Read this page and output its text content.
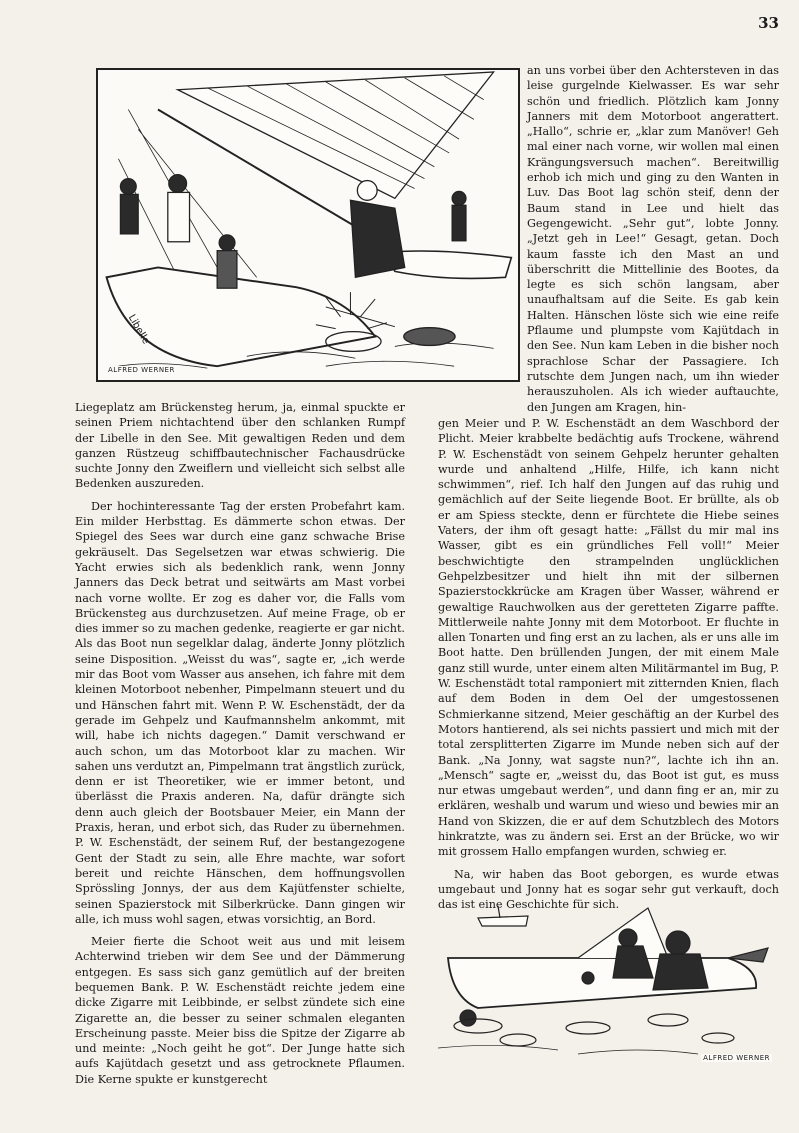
33
Libelle
ALFRED WERNER

an uns vorbei über den Achtersteven in das leise gurgelnde Kielwasser. Es war sehr schön und friedlich. Plötzlich kam Jonny Janners mit dem Motorboot angerattert. „Hallo“, schrie er, „klar zum Manöver! Geh mal einer nach vorne, wir wollen mal einen Krängungsversuch machen“. Bereitwillig erhob ich mich und ging zu den Wanten in Luv. Das Boot lag schön steif, denn der Baum stand in Lee und hielt das Gegengewicht. „Sehr gut“, lobte Jonny. „Jetzt geh in Lee!“ Gesagt, getan. Doch kaum fasste ich den Mast an und überschritt die Mittellinie des Bootes, da legte es sich schön langsam, aber unaufhaltsam auf die Seite. Es gab kein Halten. Hänschen löste sich wie eine reife Pflaume und plumpste vom Kajütdach in den See. Nun kam Leben in die bisher noch sprachlose Schar der Passagiere. Ich rutschte dem Jungen nach, um ihn wieder herauszuholen. Als ich wieder auftauchte, den Jungen am Kragen, hin-

Liegeplatz am Brückensteg herum, ja, einmal spuckte er seinen Priem nichtachtend über den schlanken Rumpf der Libelle in den See. Mit gewaltigen Reden und dem ganzen Rüstzeug schiffbautechnischer Fachausdrücke suchte Jonny den Zweiflern und vielleicht sich selbst alle Bedenken auszureden.

Der hochinteressante Tag der ersten Probefahrt kam. Ein milder Herbsttag. Es dämmerte schon etwas. Der Spiegel des Sees war durch eine ganz schwache Brise gekräuselt. Das Segelsetzen war etwas schwierig. Die Yacht erwies sich als bedenklich rank, wenn Jonny Janners das Deck betrat und seitwärts am Mast vorbei nach vorne wollte. Er zog es daher vor, die Falls vom Brückensteg aus durchzusetzen. Auf meine Frage, ob er dies immer so zu machen gedenke, reagierte er gar nicht. Als das Boot nun segelklar dalag, änderte Jonny plötzlich seine Disposition. „Weisst du was“, sagte er, „ich werde mir das Boot vom Wasser aus ansehen, ich fahre mit dem kleinen Motorboot nebenher, Pimpelmann steuert und du und Hänschen fahrt mit. Wenn P. W. Eschenstädt, der da gerade im Gehpelz und Kaufmannshelm ankommt, mit will, habe ich nichts dagegen.“ Damit verschwand er auch schon, um das Motorboot klar zu machen. Wir sahen uns verdutzt an, Pimpelmann trat ängstlich zurück, denn er ist Theoretiker, wie er immer betont, und überlässt die Praxis anderen. Na, dafür drängte sich denn auch gleich der Bootsbauer Meier, ein Mann der Praxis, heran, und erbot sich, das Ruder zu übernehmen. P. W. Eschenstädt, der seinem Ruf, der bestangezogene Gent der Stadt zu sein, alle Ehre machte, war sofort bereit und reichte Hänschen, dem hoffnungsvollen Sprössling Jonnys, der aus dem Kajütfenster schielte, seinen Spazierstock mit Silberkrücke. Dann gingen wir alle, ich muss wohl sagen, etwas vorsichtig, an Bord.

Meier fierte die Schoot weit aus und mit leisem Achterwind trieben wir dem See und der Dämmerung entgegen. Es sass sich ganz gemütlich auf der breiten bequemen Bank. P. W. Eschenstädt reichte jedem eine dicke Zigarre mit Leibbinde, er selbst zündete sich eine Zigarette an, die besser zu seiner schmalen eleganten Erscheinung passte. Meier biss die Spitze der Zigarre ab und meinte: „Noch geiht he got“. Der Junge hatte sich aufs Kajütdach gesetzt und ass getrocknete Pflaumen. Die Kerne spukte er kunstgerecht

gen Meier und P. W. Eschenstädt an dem Waschbord der Plicht. Meier krabbelte bedächtig aufs Trockene, während P. W. Eschenstädt von seinem Gehpelz herunter gehalten wurde und anhaltend „Hilfe, Hilfe, ich kann nicht schwimmen“, rief. Ich half den Jungen auf das ruhig und gemächlich auf der Seite liegende Boot. Er brüllte, als ob er am Spiess steckte, denn er fürchtete die Hiebe seines Vaters, der ihm oft gesagt hatte: „Fällst du mir mal ins Wasser, gibt es ein gründliches Fell voll!“ Meier beschwichtigte den strampelnden unglücklichen Gehpelzbesitzer und hielt ihn mit der silbernen Spazierstockkrücke am Kragen über Wasser, während er gewaltige Rauchwolken aus der geretteten Zigarre paffte. Mittlerweile nahte Jonny mit dem Motorboot. Er fluchte in allen Tonarten und fing erst an zu lachen, als er uns alle im Boot hatte. Den brüllenden Jungen, der mit einem Male ganz still wurde, unter einem alten Militärmantel im Bug, P. W. Eschenstädt total ramponiert mit zitternden Knien, flach auf dem Boden in dem Oel der umgestossenen Schmierkanne sitzend, Meier geschäftig an der Kurbel des Motors hantierend, als sei nichts passiert und mich mit der total zersplitterten Zigarre im Munde neben sich auf der Bank. „Na Jonny, wat sagste nun?“, lachte ich ihn an. „Mensch“ sagte er, „weisst du, das Boot ist gut, es muss nur etwas umgebaut werden“, und dann fing er an, mir zu erklären, weshalb und warum und wieso und bewies mir an Hand von Skizzen, die er auf dem Schutzblech des Motors hinkratzte, was zu ändern sei. Erst an der Brücke, wo wir mit grossem Hallo empfangen wurden, schwieg er.

Na, wir haben das Boot geborgen, es wurde etwas umgebaut und Jonny hat es sogar sehr gut verkauft, doch das ist eine Geschichte für sich.

ALFRED WERNER
